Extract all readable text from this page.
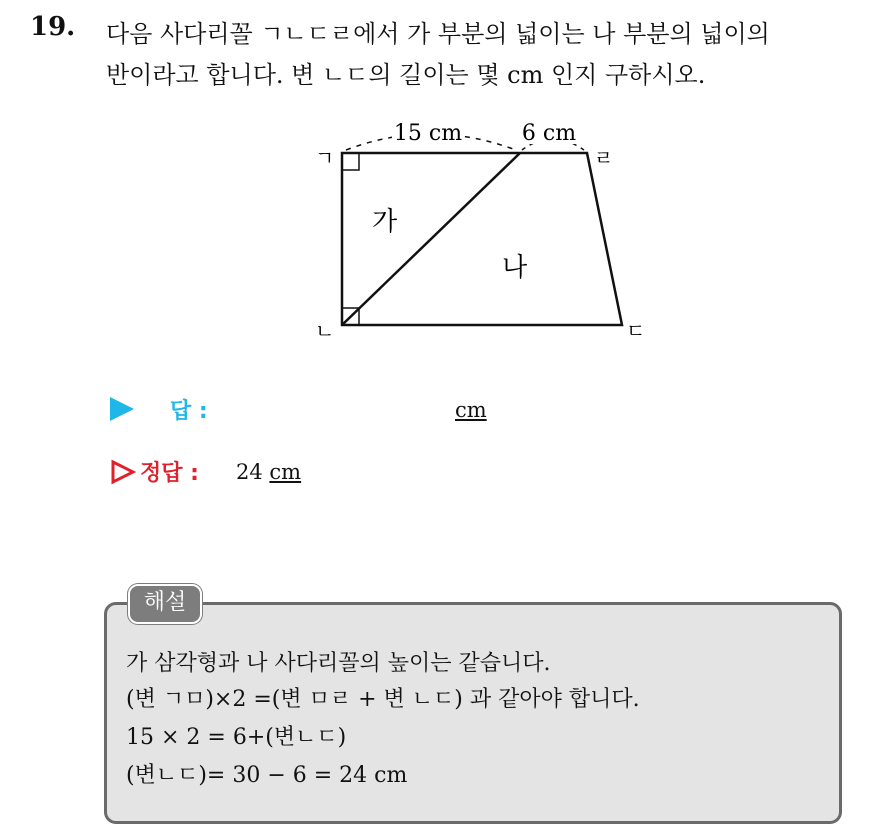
19. 다음 사다리꼴 ㄱㄴㄷㄹ에서 가 부분의 넓이는 나 부분의 넓이의
반이라고 합니다. 변 ㄴㄷ의 길이는 몇 cm 인지 구하시오.
15 cm	6 cm
ㄱ	ㄹ
ㄴ	ㄷ
가
나
답 :	cm
정답 : 24 cm
해설
가 삼각형과 나 사다리꼴의 높이는 같습니다.
(변 ㄱㅁ)×2 =(변 ㅁㄹ + 변 ㄴㄷ) 과 같아야 합니다.
15 × 2 = 6+(변ㄴㄷ)
(변ㄴㄷ)= 30 − 6 = 24 cm
